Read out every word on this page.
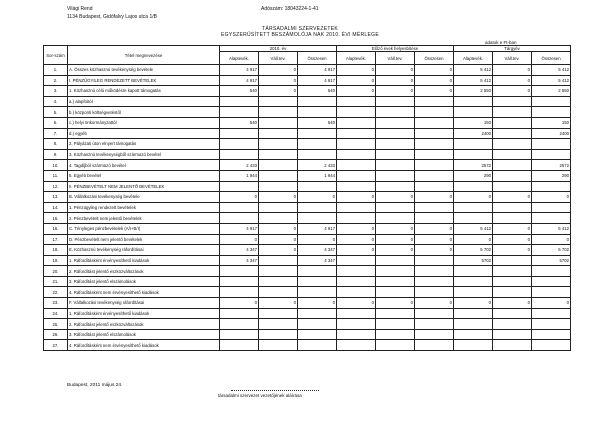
Világi Rend
1134 Budapest, Gidófalvy Lajos utca 1/B
Adószám: 18043224-1-41
TÁRSADALMI SZERVEZETEK
EGYSZERŰSÍTETT BESZÁMOLÓJA NAK 2010. ÉVI MÉRLEGE
adatok e Ft-ban
Sor-szám	Tétel megnevezése	2010. év			Előző évek helyesbítése			Tárgyév		
		Alaptevék.	Váll.tev.	Összesen	Alaptevék.	Váll.tev.	Összesen	Alaptevék.	Váll.tev.	Összesen
1.	A. Összes közhasznú tevékenység bevétele	4 917	0	4 917	0	0	0	5 412	0	5 412
2.	I. PÉNZÜGYILEG RENDEZETT BEVÉTELEK	4 917	0	4 917	0	0	0	5 412	0	5 412
3.	1. Közhasznú célú működésre kapott támogatás	540	0	540	0	0	0	2 550	0	2 550
4.	a.) alapítótól									
5.	b.) központi költségvetéstől									
6.	c.) helyi önkormányzattól	540		540				150		150
7.	d.) egyéb							2400		2400
8.	2. Pályázati úton elnyert támogatás									
9.	3. Közhasznú tevékenységből származó bevétel									
10.	4. Tagdíjból származó bevétel	2 433		2 433				2572		2572
11.	5. Egyéb bevétel	1 944		1 944				290		290
12.	II. PÉNZBEVÉTELT NEM JELENTŐ BEVÉTELEK									
13.	B. Vállalkozási tevékenység bevétele	0	0	0	0	0	0	0	0	0
14.	1. Pénzügyileg rendezett bevételek									
15.	2. Pénzbevételt nem jelentő bevételek									
16.	C. Tényleges pénzbevételek (A/I+B/I)	4 917	0	4 917	0	0	0	5 412	0	5 412
17.	D. Pénzbevételt nem jelentő bevételek	0	0	0	0	0	0	0	0	0
18.	E. Közhasznú tevékenység ráfordításai	4 347	0	4 347	0	0	0	5 702	0	5 702
19.	1. Ráfordításként érvényesíthető kiadások	4 347		4 347				5702		5702
20.	2. Ráfordítást jelentő eszközváltozások									
21.	3. Ráfordítást jelentő elszámolások									
22.	4. Ráfordításként nem érvényesíthető kiadások									
23.	F. Vállalkozási tevékenység ráfordításai	0	0	0	0	0	0	0	0	0
24.	1. Ráfordításként érvényesíthető kiadások									
25.	2. Ráfordítást jelentő eszközváltozások									
26.	3. Ráfordítást jelentő elszámolások									
27.	4. Ráfordításként nem érvényesíthető kiadások									
Budapest, 2011 május 24.
társadalmi szervezet vezetőjének aláírása
